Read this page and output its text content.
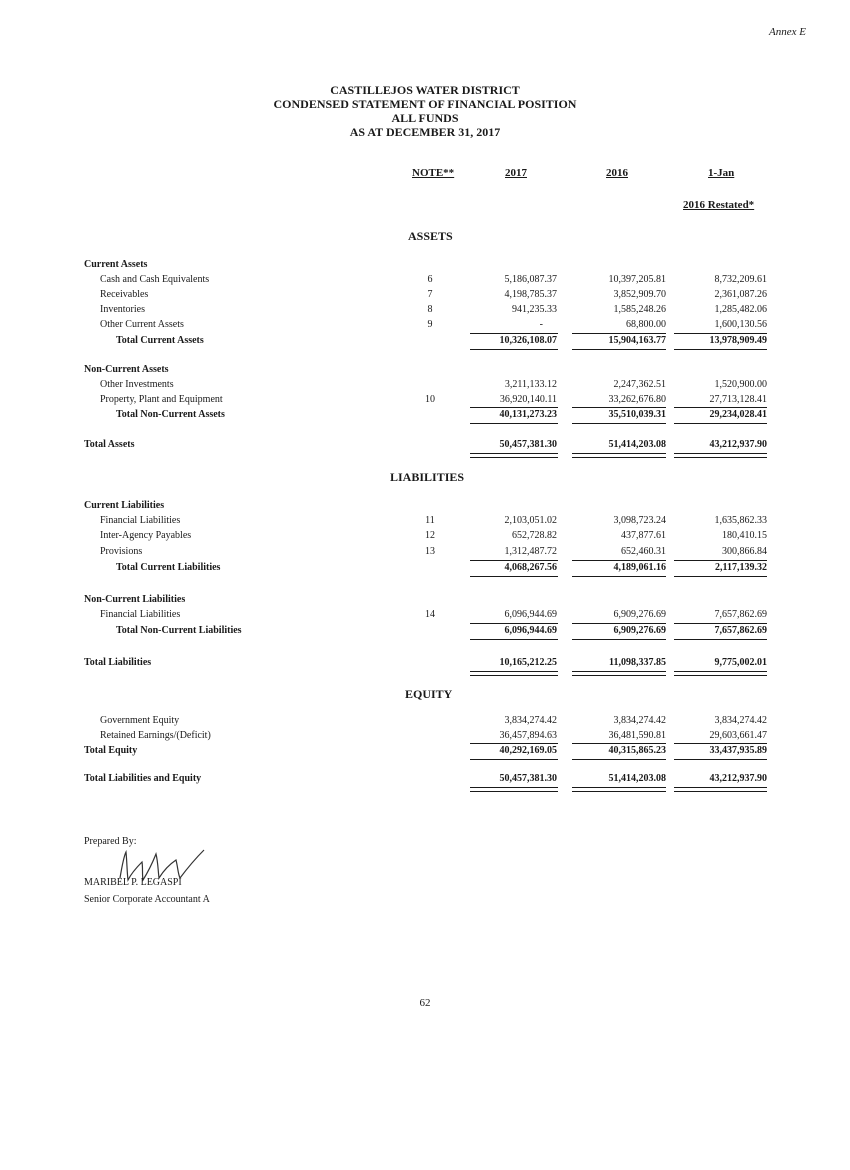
Annex E
CASTILLEJOS WATER DISTRICT
CONDENSED STATEMENT OF FINANCIAL POSITION
ALL FUNDS
AS AT DECEMBER 31, 2017
NOTE**	2017	2016	1-Jan
2016 Restated*
ASSETS
LIABILITIES
EQUITY
Current Assets
Cash and Cash Equivalents	6	5,186,087.37	10,397,205.81	8,732,209.61
Receivables	7	4,198,785.37	3,852,909.70	2,361,087.26
Inventories	8	941,235.33	1,585,248.26	1,285,482.06
Other Current Assets	9	-	68,800.00	1,600,130.56
Total Current Assets	10,326,108.07	15,904,163.77	13,978,909.49
Non-Current Assets
Other Investments	3,211,133.12	2,247,362.51	1,520,900.00
Property, Plant and Equipment	10	36,920,140.11	33,262,676.80	27,713,128.41
Total Non-Current Assets	40,131,273.23	35,510,039.31	29,234,028.41
Total Assets	50,457,381.30	51,414,203.08	43,212,937.90
Current Liabilities
Financial Liabilities	11	2,103,051.02	3,098,723.24	1,635,862.33
Inter-Agency Payables	12	652,728.82	437,877.61	180,410.15
Provisions	13	1,312,487.72	652,460.31	300,866.84
Total Current Liabilities	4,068,267.56	4,189,061.16	2,117,139.32
Non-Current Liabilities
Financial Liabilities	14	6,096,944.69	6,909,276.69	7,657,862.69
Total Non-Current Liabilities	6,096,944.69	6,909,276.69	7,657,862.69
Total Liabilities	10,165,212.25	11,098,337.85	9,775,002.01
Government Equity	3,834,274.42	3,834,274.42	3,834,274.42
Retained Earnings/(Deficit)	36,457,894.63	36,481,590.81	29,603,661.47
Total Equity	40,292,169.05	40,315,865.23	33,437,935.89
Total Liabilities and Equity	50,457,381.30	51,414,203.08	43,212,937.90
Prepared By:
MARIBEL P. LEGASPI
Senior Corporate Accountant A
62
